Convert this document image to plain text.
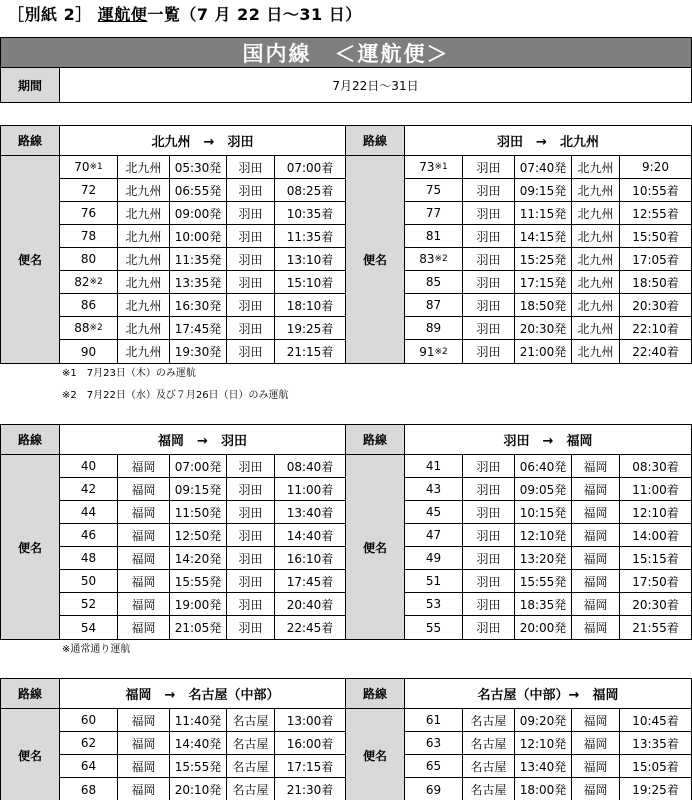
［別紙 2］ 運航便一覧（7 月 22 日～31 日）
国内線　＜運航便＞
期間	7月22日～31日
路線	北九州　→　羽田
便名
70 ※1	北九州	05:30発	羽田	07:00着
72	北九州	06:55発	羽田	08:25着
76	北九州	09:00発	羽田	10:35着
78	北九州	10:00発	羽田	11:35着
80	北九州	11:35発	羽田	13:10着
82 ※2	北九州	13:35発	羽田	15:10着
86	北九州	16:30発	羽田	18:10着
88 ※2	北九州	17:45発	羽田	19:25着
90	北九州	19:30発	羽田	21:15着
路線	羽田　→　北九州
便名
73 ※1	羽田	07:40発 北九州	9:20
75	羽田	09:15発 北九州	10:55着
77	羽田	11:15発 北九州	12:55着
81	羽田	14:15発 北九州	15:50着
83 ※2	羽田	15:25発 北九州	17:05着
85	羽田	17:15発 北九州	18:50着
87	羽田	18:50発 北九州	20:30着
89	羽田	20:30発 北九州	22:10着
91 ※2	羽田	21:00発 北九州	22:40着
※1　7月23日（木）のみ運航
※2　7月22日（水）及び７月26日（日）のみ運航
路線	福岡　→　羽田
便名
40	福岡	07:00発	羽田	08:40着
42	福岡	09:15発	羽田	11:00着
44	福岡	11:50発	羽田	13:40着
46	福岡	12:50発	羽田	14:40着
48	福岡	14:20発	羽田	16:10着
50	福岡	15:55発	羽田	17:45着
52	福岡	19:00発	羽田	20:40着
54	福岡	21:05発	羽田	22:45着
路線	羽田　→　福岡
便名
41	羽田	06:40発	福岡	08:30着
43	羽田	09:05発	福岡	11:00着
45	羽田	10:15発	福岡	12:10着
47	羽田	12:10発	福岡	14:00着
49	羽田	13:20発	福岡	15:15着
51	羽田	15:55発	福岡	17:50着
53	羽田	18:35発	福岡	20:30着
55	羽田	20:00発	福岡	21:55着
※通常通り運航
路線	福岡　→　名古屋（中部）
便名
60	福岡	11:40発 名古屋	13:00着
62	福岡	14:40発 名古屋	16:00着
64	福岡	15:55発 名古屋	17:15着
68	福岡	20:10発 名古屋	21:30着
路線	名古屋（中部）→　福岡
便名
61	名古屋	09:20発	福岡	10:45着
63	名古屋	12:10発	福岡	13:35着
65	名古屋	13:40発	福岡	15:05着
69	名古屋	18:00発	福岡	19:25着
